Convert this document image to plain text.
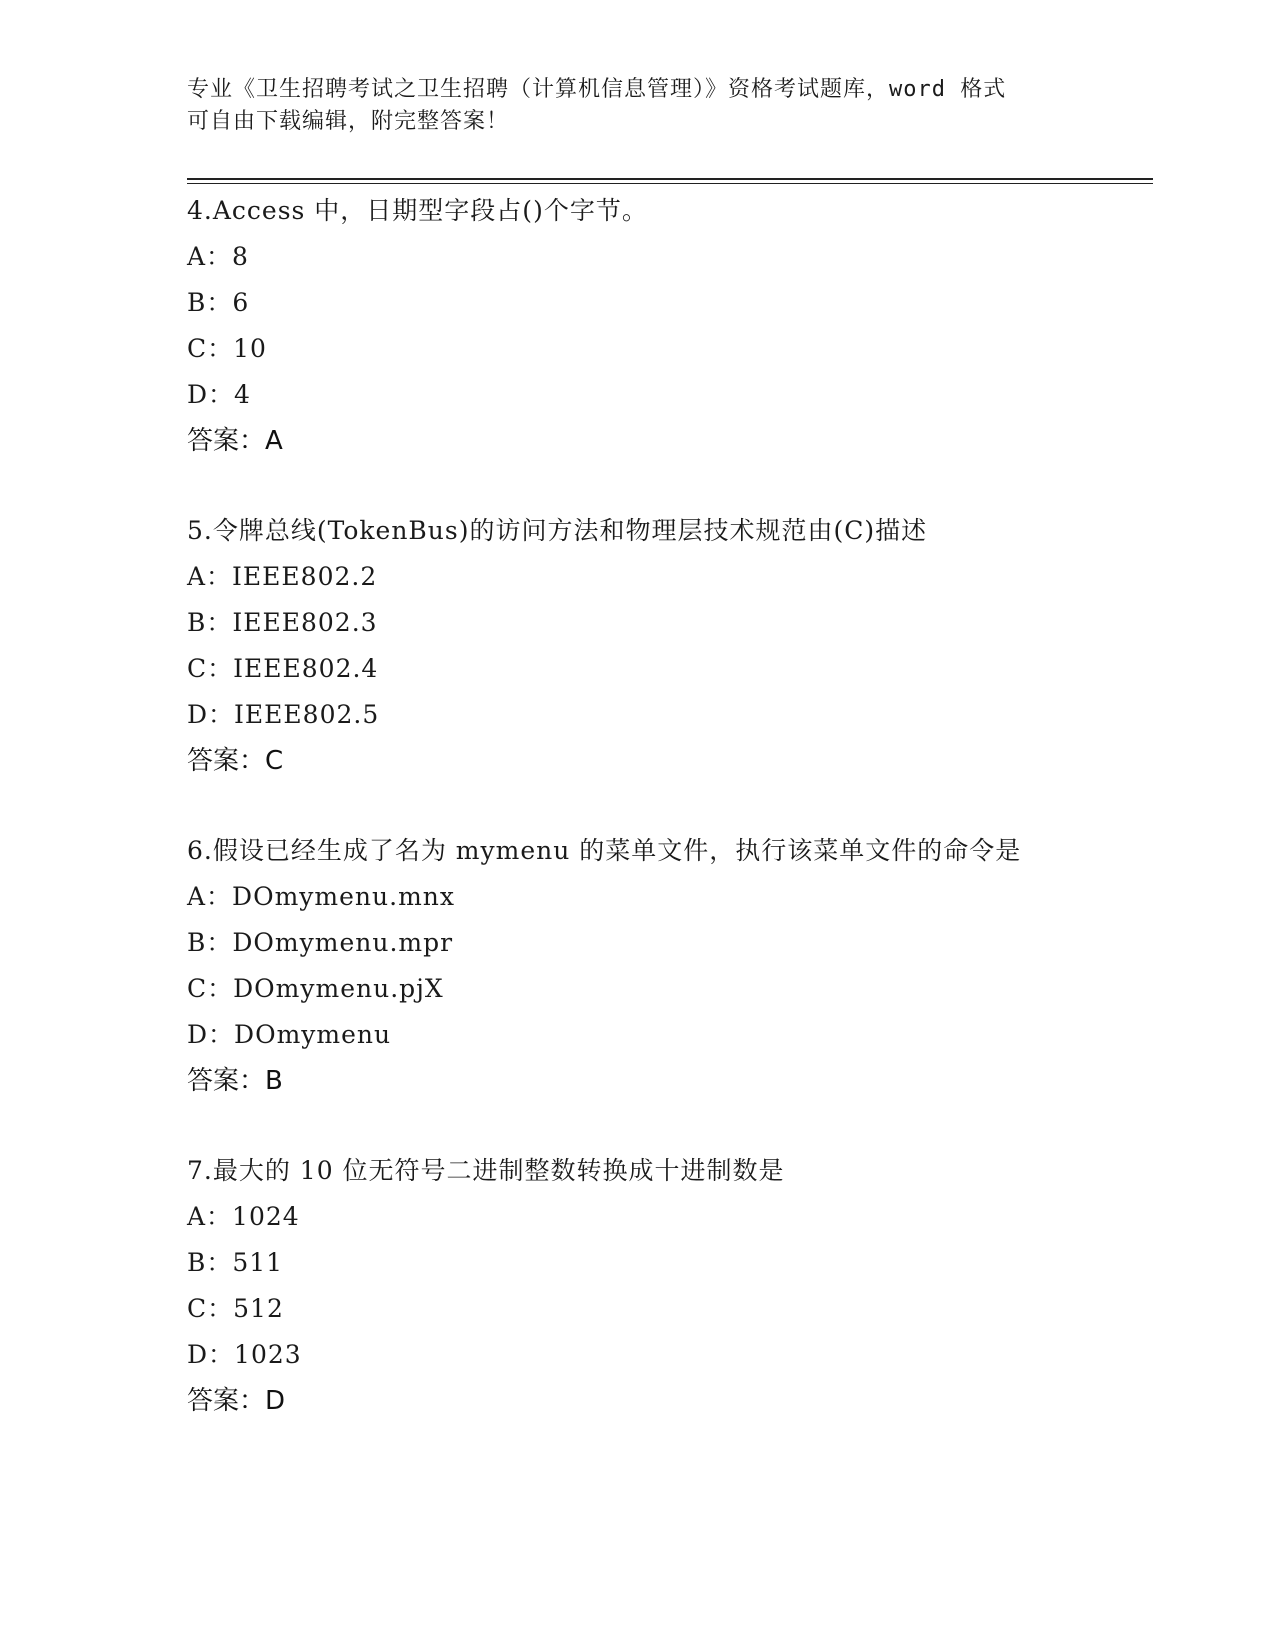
专业《卫生招聘考试之卫生招聘（计算机信息管理）》资格考试题库，word 格式
可自由下载编辑，附完整答案！
4.Access 中，日期型字段占()个字节。
A：8
B：6
C：10
D：4
答案：A
5.令牌总线(TokenBus)的访问方法和物理层技术规范由(C)描述
A：IEEE802.2
B：IEEE802.3
C：IEEE802.4
D：IEEE802.5
答案：C
6.假设已经生成了名为 mymenu 的菜单文件，执行该菜单文件的命令是
A：DOmymenu.mnx
B：DOmymenu.mpr
C：DOmymenu.pjX
D：DOmymenu
答案：B
7.最大的 10 位无符号二进制整数转换成十进制数是
A：1024
B：511
C：512
D：1023
答案：D
